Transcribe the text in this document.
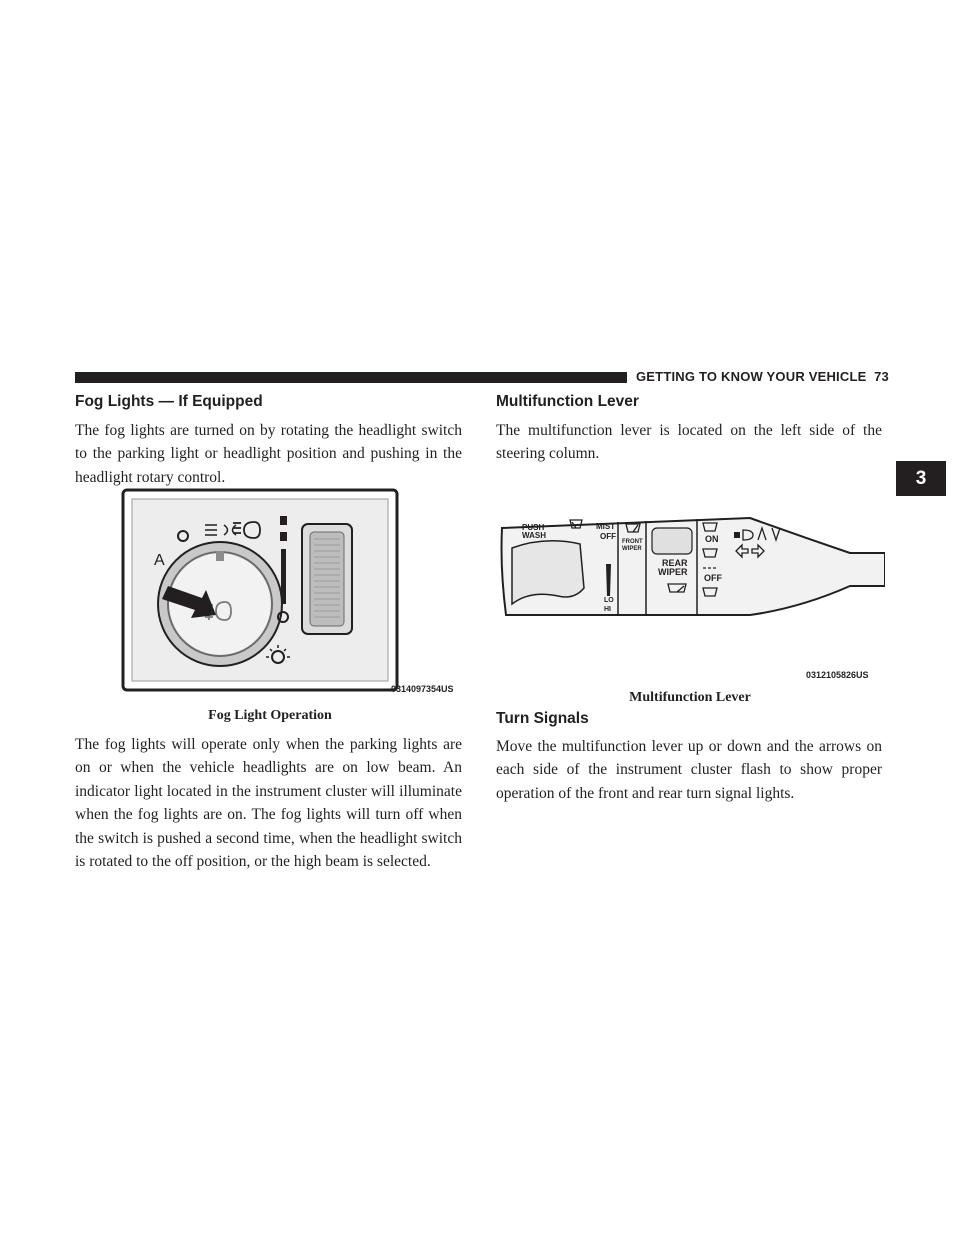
GETTING TO KNOW YOUR VEHICLE 73
3
Fog Lights — If Equipped

The fog lights are turned on by rotating the headlight switch to the parking light or headlight position and pushing in the headlight rotary control.

A
0314097354US

Fog Light Operation

The fog lights will operate only when the parking lights are on or when the vehicle headlights are on low beam. An indicator light located in the instrument cluster will illuminate when the fog lights are on. The fog lights will turn off when the switch is pushed a second time, when the headlight switch is rotated to the off position, or the high beam is selected.

Multifunction Lever

The multifunction lever is located on the left side of the steering column.

PUSH
WASH
MIST
OFF
FRONT
WIPER
REAR
WIPER
ON
OFF
LO
HI
0312105826US

Multifunction Lever

Turn Signals

Move the multifunction lever up or down and the arrows on each side of the instrument cluster flash to show proper operation of the front and rear turn signal lights.
